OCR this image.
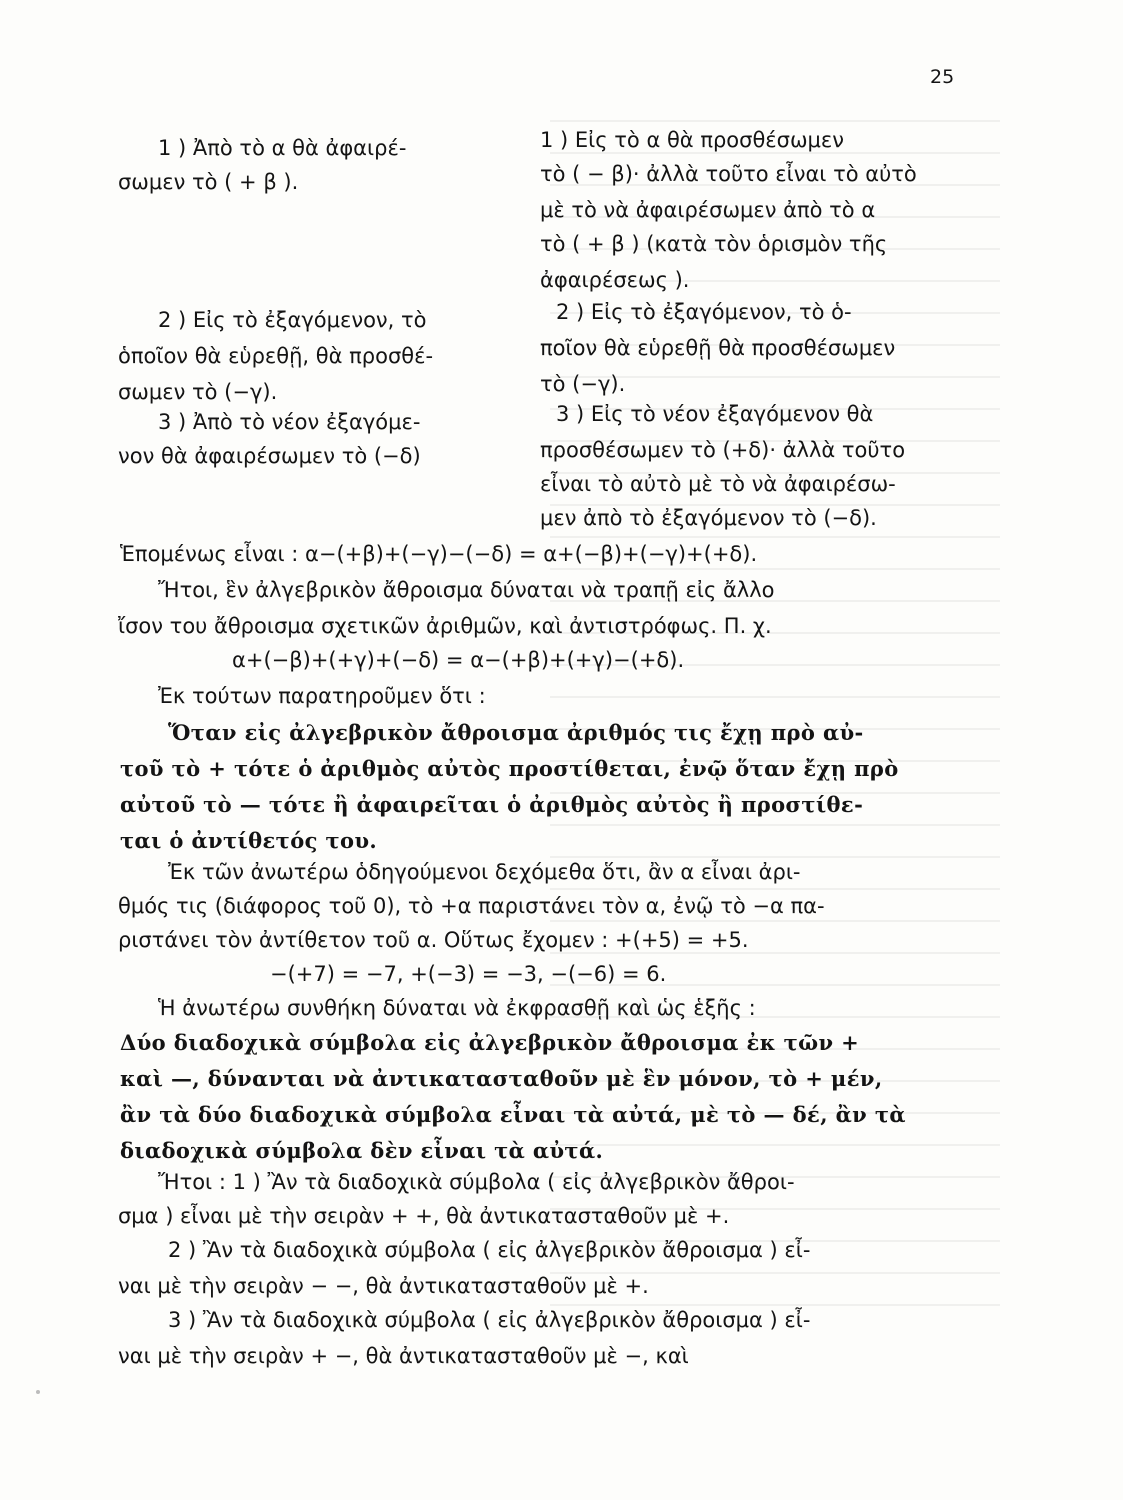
25
1 ) Ἀπὸ τὸ α θὰ ἀφαιρέ-
σωμεν τὸ ( + β ).
1 ) Εἰς τὸ α θὰ προσθέσωμεν
τὸ ( − β)· ἀλλὰ τοῦτο εἶναι τὸ αὐτὸ
μὲ τὸ νὰ ἀφαιρέσωμεν ἀπὸ τὸ α
τὸ ( + β ) (κατὰ τὸν ὁρισμὸν τῆς
ἀφαιρέσεως ).
2 ) Εἰς τὸ ἐξαγόμενον, τὸ
ὁποῖον θὰ εὑρεθῇ, θὰ προσθέ-
σωμεν τὸ (−γ).
2 ) Εἰς τὸ ἐξαγόμενον, τὸ ὁ-
ποῖον θὰ εὑρεθῇ θὰ προσθέσωμεν
τὸ (−γ).
3 ) Ἀπὸ τὸ νέον ἐξαγόμε-
νον θὰ ἀφαιρέσωμεν τὸ (−δ)
3 ) Εἰς τὸ νέον ἐξαγόμενον θὰ
προσθέσωμεν τὸ (+δ)· ἀλλὰ τοῦτο
εἶναι τὸ αὐτὸ μὲ τὸ νὰ ἀφαιρέσω-
μεν ἀπὸ τὸ ἐξαγόμενον τὸ (−δ).
Ἑπομένως εἶναι : α−(+β)+(−γ)−(−δ) = α+(−β)+(−γ)+(+δ).
Ἤτοι, ἓν ἀλγεβρικὸν ἄθροισμα δύναται νὰ τραπῇ εἰς ἄλλο
ἴσον του ἄθροισμα σχετικῶν ἀριθμῶν, καὶ ἀντιστρόφως. Π. χ.
α+(−β)+(+γ)+(−δ) = α−(+β)+(+γ)−(+δ).
Ἐκ τούτων παρατηροῦμεν ὅτι :
Ὅταν εἰς ἀλγεβρικὸν ἄθροισμα ἀριθμός τις ἔχῃ πρὸ αὐ-
τοῦ τὸ + τότε ὁ ἀριθμὸς αὐτὸς προστίθεται, ἐνῷ ὅταν ἔχῃ πρὸ
αὐτοῦ τὸ — τότε ἢ ἀφαιρεῖται ὁ ἀριθμὸς αὐτὸς ἢ προστίθε-
ται ὁ ἀντίθετός του.
Ἐκ τῶν ἀνωτέρω ὁδηγούμενοι δεχόμεθα ὅτι, ἂν α εἶναι ἀρι-
θμός τις (διάφορος τοῦ 0), τὸ +α παριστάνει τὸν α, ἐνῷ τὸ −α πα-
ριστάνει τὸν ἀντίθετον τοῦ α. Οὕτως ἔχομεν : +(+5) = +5.
−(+7) = −7, +(−3) = −3, −(−6) = 6.
Ἡ ἀνωτέρω συνθήκη δύναται νὰ ἐκφρασθῇ καὶ ὡς ἑξῆς :
Δύο διαδοχικὰ σύμβολα εἰς ἀλγεβρικὸν ἄθροισμα ἐκ τῶν +
καὶ —, δύνανται νὰ ἀντικατασταθοῦν μὲ ἓν μόνον, τὸ + μέν,
ἂν τὰ δύο διαδοχικὰ σύμβολα εἶναι τὰ αὐτά, μὲ τὸ — δέ, ἂν τὰ
διαδοχικὰ σύμβολα δὲν εἶναι τὰ αὐτά.
Ἤτοι : 1 ) Ἂν τὰ διαδοχικὰ σύμβολα ( εἰς ἀλγεβρικὸν ἄθροι-
σμα ) εἶναι μὲ τὴν σειρὰν + +, θὰ ἀντικατασταθοῦν μὲ +.
2 ) Ἂν τὰ διαδοχικὰ σύμβολα ( εἰς ἀλγεβρικὸν ἄθροισμα ) εἶ-
ναι μὲ τὴν σειρὰν − −, θὰ ἀντικατασταθοῦν μὲ +.
3 ) Ἂν τὰ διαδοχικὰ σύμβολα ( εἰς ἀλγεβρικὸν ἄθροισμα ) εἶ-
ναι μὲ τὴν σειρὰν + −, θὰ ἀντικατασταθοῦν μὲ −, καὶ
